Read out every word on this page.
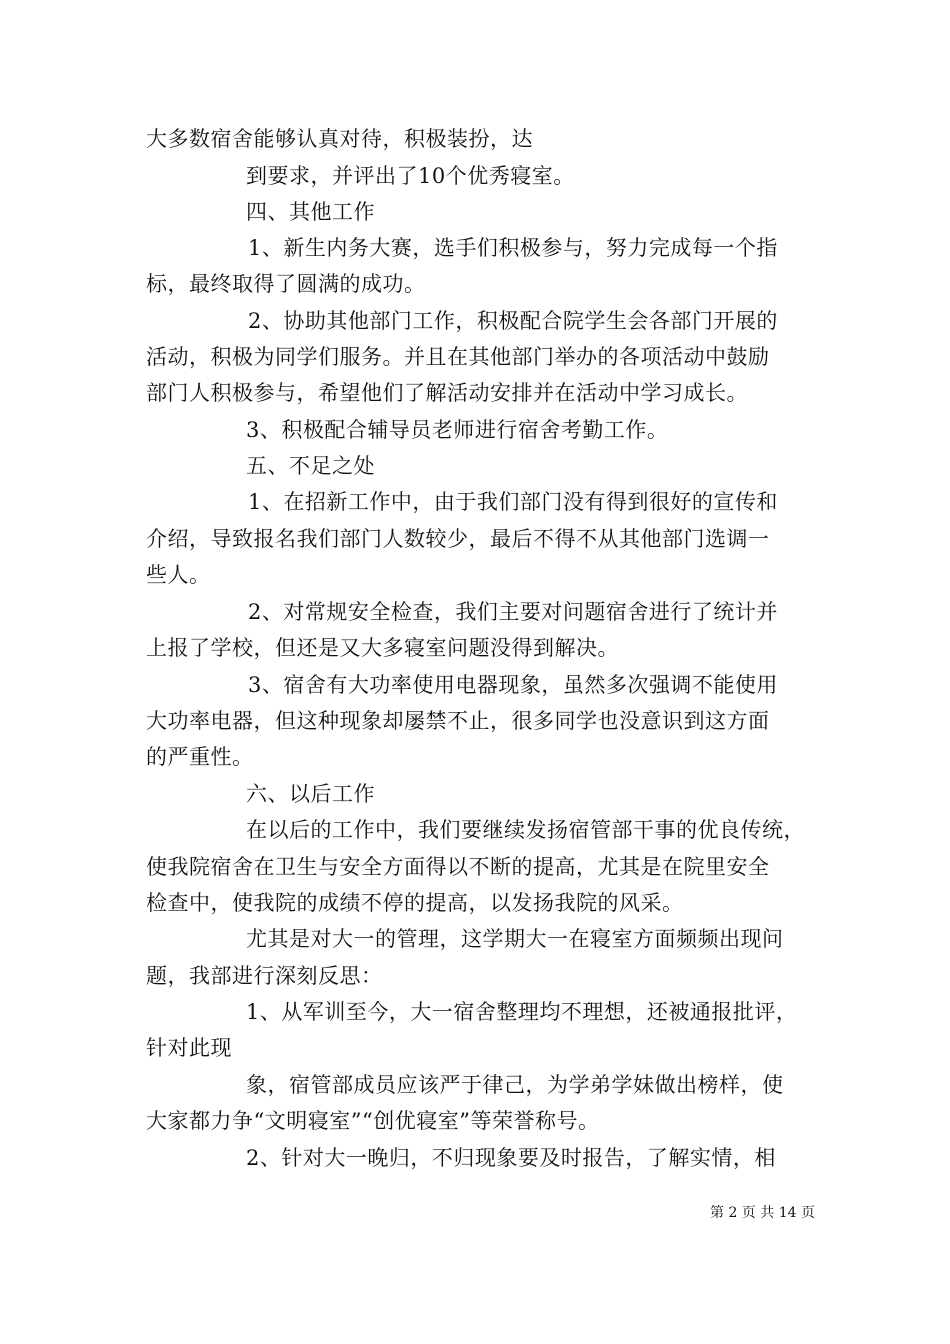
大多数宿舍能够认真对待，积极装扮，达
到要求，并评出了10个优秀寝室。
四、其他工作
1、新生内务大赛，选手们积极参与，努力完成每一个指
标，最终取得了圆满的成功。
2、协助其他部门工作，积极配合院学生会各部门开展的
活动，积极为同学们服务。并且在其他部门举办的各项活动中鼓励
部门人积极参与，希望他们了解活动安排并在活动中学习成长。
3、积极配合辅导员老师进行宿舍考勤工作。
五、不足之处
1、在招新工作中，由于我们部门没有得到很好的宣传和
介绍，导致报名我们部门人数较少，最后不得不从其他部门选调一
些人。
2、对常规安全检查，我们主要对问题宿舍进行了统计并
上报了学校，但还是又大多寝室问题没得到解决。
3、宿舍有大功率使用电器现象，虽然多次强调不能使用
大功率电器，但这种现象却屡禁不止，很多同学也没意识到这方面
的严重性。
六、以后工作
在以后的工作中，我们要继续发扬宿管部干事的优良传统，
使我院宿舍在卫生与安全方面得以不断的提高，尤其是在院里安全
检查中，使我院的成绩不停的提高，以发扬我院的风采。
尤其是对大一的管理，这学期大一在寝室方面频频出现问
题，我部进行深刻反思：
1、从军训至今，大一宿舍整理均不理想，还被通报批评，
针对此现
象，宿管部成员应该严于律己，为学弟学妹做出榜样，使
大家都力争“文明寝室”“创优寝室”等荣誉称号。
2、针对大一晚归，不归现象要及时报告，了解实情，相
第 2 页 共 14 页
